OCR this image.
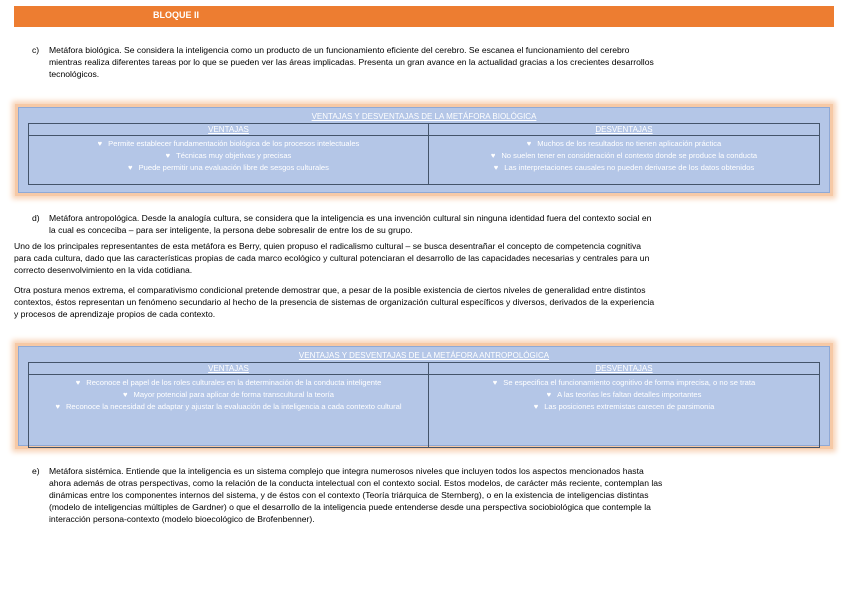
BLOQUE II
c) Metáfora biológica. Se considera la inteligencia como un producto de un funcionamiento eficiente del cerebro. Se escanea el funcionamiento del cerebro
mientras realiza diferentes tareas por lo que se pueden ver las áreas implicadas. Presenta un gran avance en la actualidad gracias a los crecientes desarrollos
tecnológicos.
VENTAJAS Y DESVENTAJAS DE LA METÁFORA BIOLÓGICA
VENTAJAS
♥ Permite establecer fundamentación biológica de los procesos intelectuales
♥ Técnicas muy objetivas y precisas
♥ Puede permitir una evaluación libre de sesgos culturales
DESVENTAJAS
♥ Muchos de los resultados no tienen aplicación práctica
♥ No suelen tener en consideración el contexto donde se produce la conducta
♥ Las interpretaciones causales no pueden derivarse de los datos obtenidos
d) Metáfora antropológica. Desde la analogía cultura, se considera que la inteligencia es una invención cultural sin ninguna identidad fuera del contexto social en
la cual es conceciba – para ser inteligente, la persona debe sobresalir de entre los de su grupo.
Uno de los principales representantes de esta metáfora es Berry, quien propuso el radicalismo cultural – se busca desentrañar el concepto de competencia cognitiva
para cada cultura, dado que las características propias de cada marco ecológico y cultural potenciaran el desarrollo de las capacidades necesarias y centrales para un
correcto desenvolvimiento en la vida cotidiana.
Otra postura menos extrema, el comparativismo condicional pretende demostrar que, a pesar de la posible existencia de ciertos niveles de generalidad entre distintos
contextos, éstos representan un fenómeno secundario al hecho de la presencia de sistemas de organización cultural específicos y diversos, derivados de la experiencia
y procesos de aprendizaje propios de cada contexto.
VENTAJAS Y DESVENTAJAS DE LA METÁFORA ANTROPOLÓGICA
VENTAJAS
♥ Reconoce el papel de los roles culturales en la determinación de la conducta inteligente
♥ Mayor potencial para aplicar de forma transcultural la teoría
♥ Reconoce la necesidad de adaptar y ajustar la evaluación de la inteligencia a cada contexto cultural
DESVENTAJAS
♥ Se especifica el funcionamiento cognitivo de forma imprecisa, o no se trata
♥ A las teorías les faltan detalles importantes
♥ Las posiciones extremistas carecen de parsimonia
e) Metáfora sistémica. Entiende que la inteligencia es un sistema complejo que integra numerosos niveles que incluyen todos los aspectos mencionados hasta
ahora además de otras perspectivas, como la relación de la conducta intelectual con el contexto social. Estos modelos, de carácter más reciente, contemplan las
dinámicas entre los componentes internos del sistema, y de éstos con el contexto (Teoría triárquica de Sternberg), o en la existencia de inteligencias distintas
(modelo de inteligencias múltiples de Gardner) o que el desarrollo de la inteligencia puede entenderse desde una perspectiva sociobiológica que contemple la
interacción persona-contexto (modelo bioecológico de Brofenbenner).
